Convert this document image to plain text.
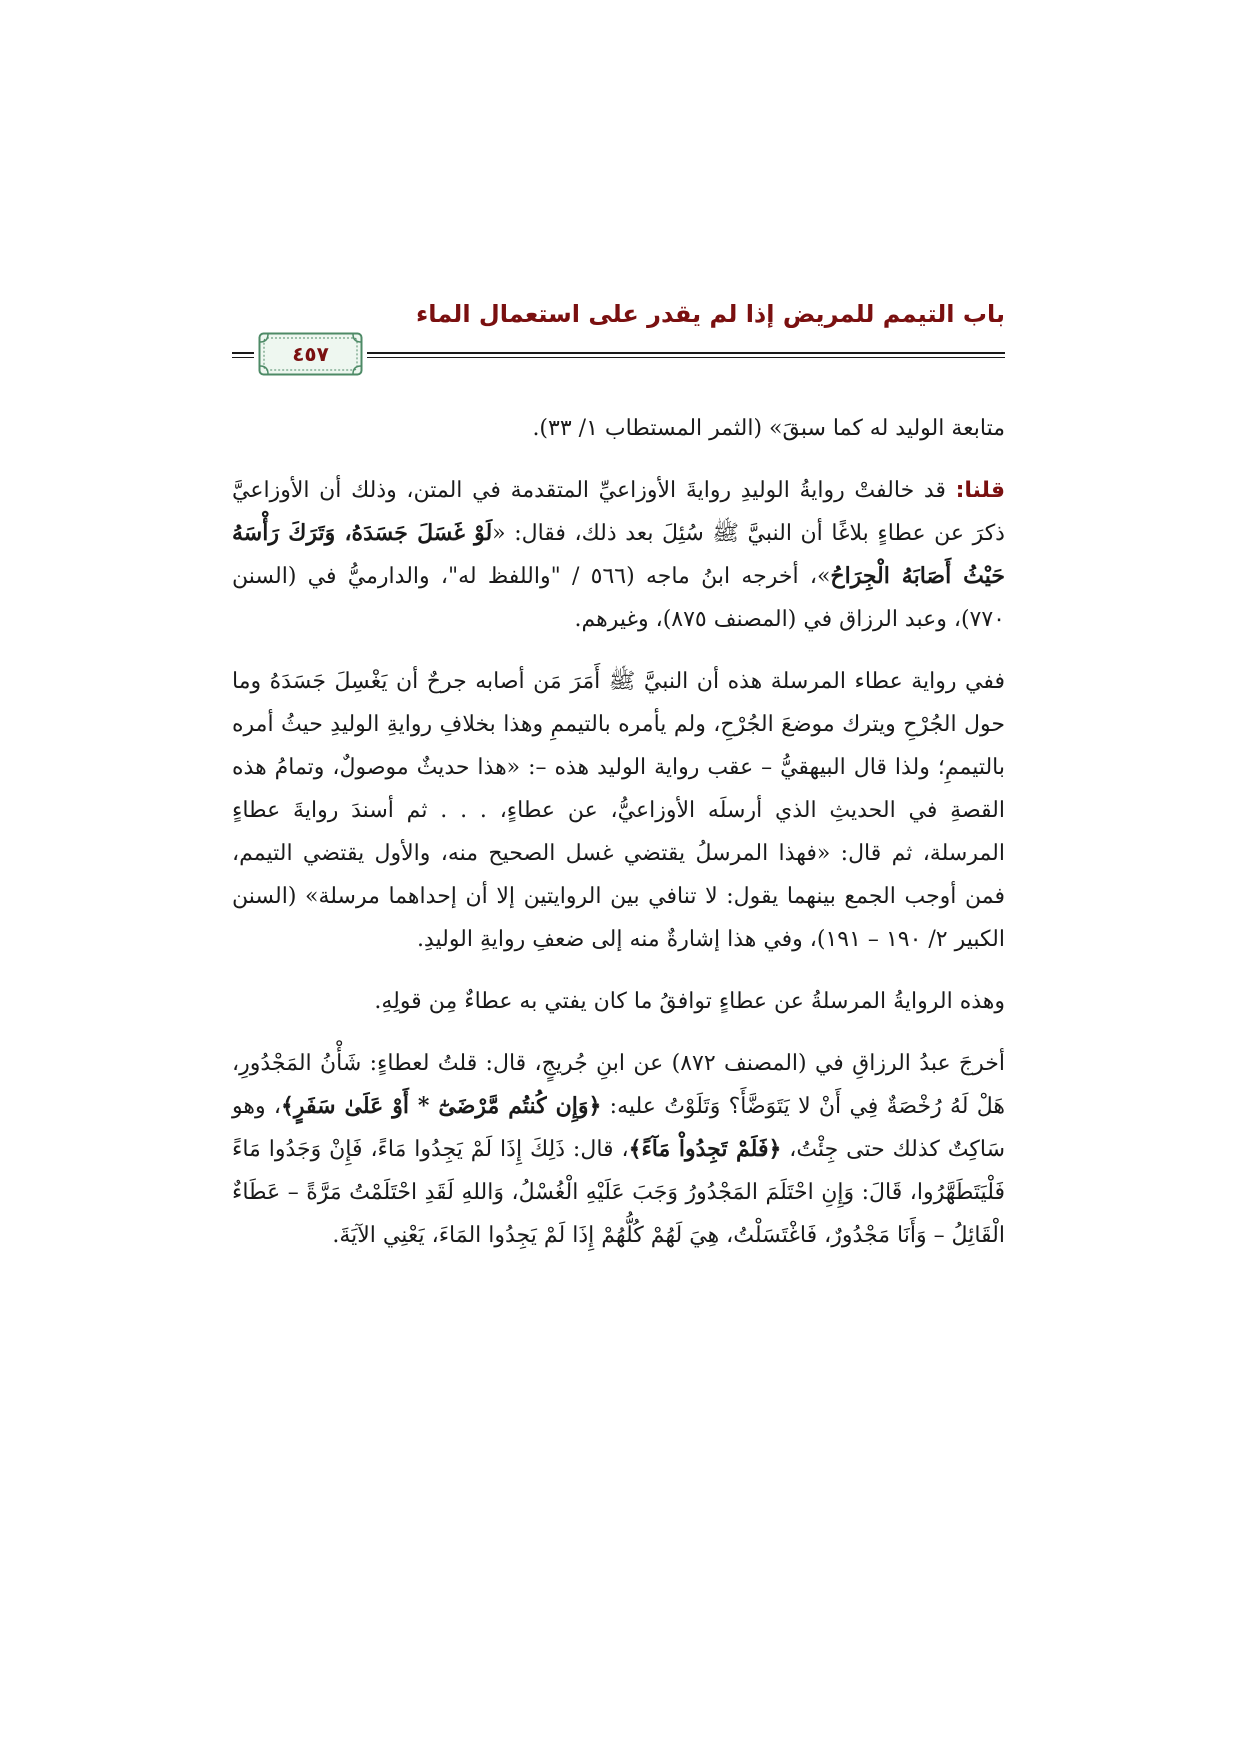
باب التيمم للمريض إذا لم يقدر على استعمال الماء
٤٥٧

متابعة الوليد له كما سبقَ» (الثمر المستطاب ١/ ٣٣).

قلنا: قد خالفتْ روايةُ الوليدِ روايةَ الأوزاعيِّ المتقدمة في المتن، وذلك أن الأوزاعيَّ ذكرَ عن عطاءٍ بلاغًا أن النبيَّ ﷺ سُئِلَ بعد ذلك، فقال: «لَوْ غَسَلَ جَسَدَهُ، وَتَرَكَ رَأْسَهُ حَيْثُ أَصَابَهُ الْجِرَاحُ»، أخرجه ابنُ ماجه (٥٦٦ / "واللفظ له"، والدارميُّ في (السنن ٧٧٠)، وعبد الرزاق في (المصنف ٨٧٥)، وغيرهم.

ففي رواية عطاء المرسلة هذه أن النبيَّ ﷺ أَمَرَ مَن أصابه جرحٌ أن يَغْسِلَ جَسَدَهُ وما حول الجُرْحِ ويترك موضعَ الجُرْحِ، ولم يأمره بالتيممِ وهذا بخلافِ روايةِ الوليدِ حيثُ أمره بالتيممِ؛ ولذا قال البيهقيُّ – عقب رواية الوليد هذه –: «هذا حديثٌ موصولٌ، وتمامُ هذه القصةِ في الحديثِ الذي أرسلَه الأوزاعيُّ، عن عطاءٍ، . . . ثم أسندَ روايةَ عطاءٍ المرسلة، ثم قال: «فهذا المرسلُ يقتضي غسل الصحيح منه، والأول يقتضي التيمم، فمن أوجب الجمع بينهما يقول: لا تنافي بين الروايتين إلا أن إحداهما مرسلة» (السنن الكبير ٢/ ١٩٠ – ١٩١)، وفي هذا إشارةٌ منه إلى ضعفِ روايةِ الوليدِ.

وهذه الروايةُ المرسلةُ عن عطاءٍ توافقُ ما كان يفتي به عطاءٌ مِن قولِهِ.

أخرجَ عبدُ الرزاقِ في (المصنف ٨٧٢) عن ابنِ جُريجٍ، قال: قلتُ لعطاءٍ: شَأْنُ المَجْدُورِ، هَلْ لَهُ رُخْصَةٌ فِي أَنْ لا يَتَوَضَّأَ؟ وَتَلَوْتُ عليه: ﴿وَإِن كُنتُم مَّرْضَىٰٓ * أَوْ عَلَىٰ سَفَرٍ﴾، وهو سَاكِتٌ كذلك حتى جِئْتُ، ﴿فَلَمْ تَجِدُواْ مَآءً﴾، قال: ذَلِكَ إِذَا لَمْ يَجِدُوا مَاءً، فَإِنْ وَجَدُوا مَاءً فَلْيَتَطَهَّرُوا، قَالَ: وَإِنِ احْتَلَمَ المَجْدُورُ وَجَبَ عَلَيْهِ الْغُسْلُ، وَاللهِ لَقَدِ احْتَلَمْتُ مَرَّةً – عَطَاءٌ الْقَائِلُ – وَأَنَا مَجْدُورٌ، فَاغْتَسَلْتُ، هِيَ لَهُمْ كُلُّهُمْ إِذَا لَمْ يَجِدُوا المَاءَ، يَعْنِي الآيَةَ.
